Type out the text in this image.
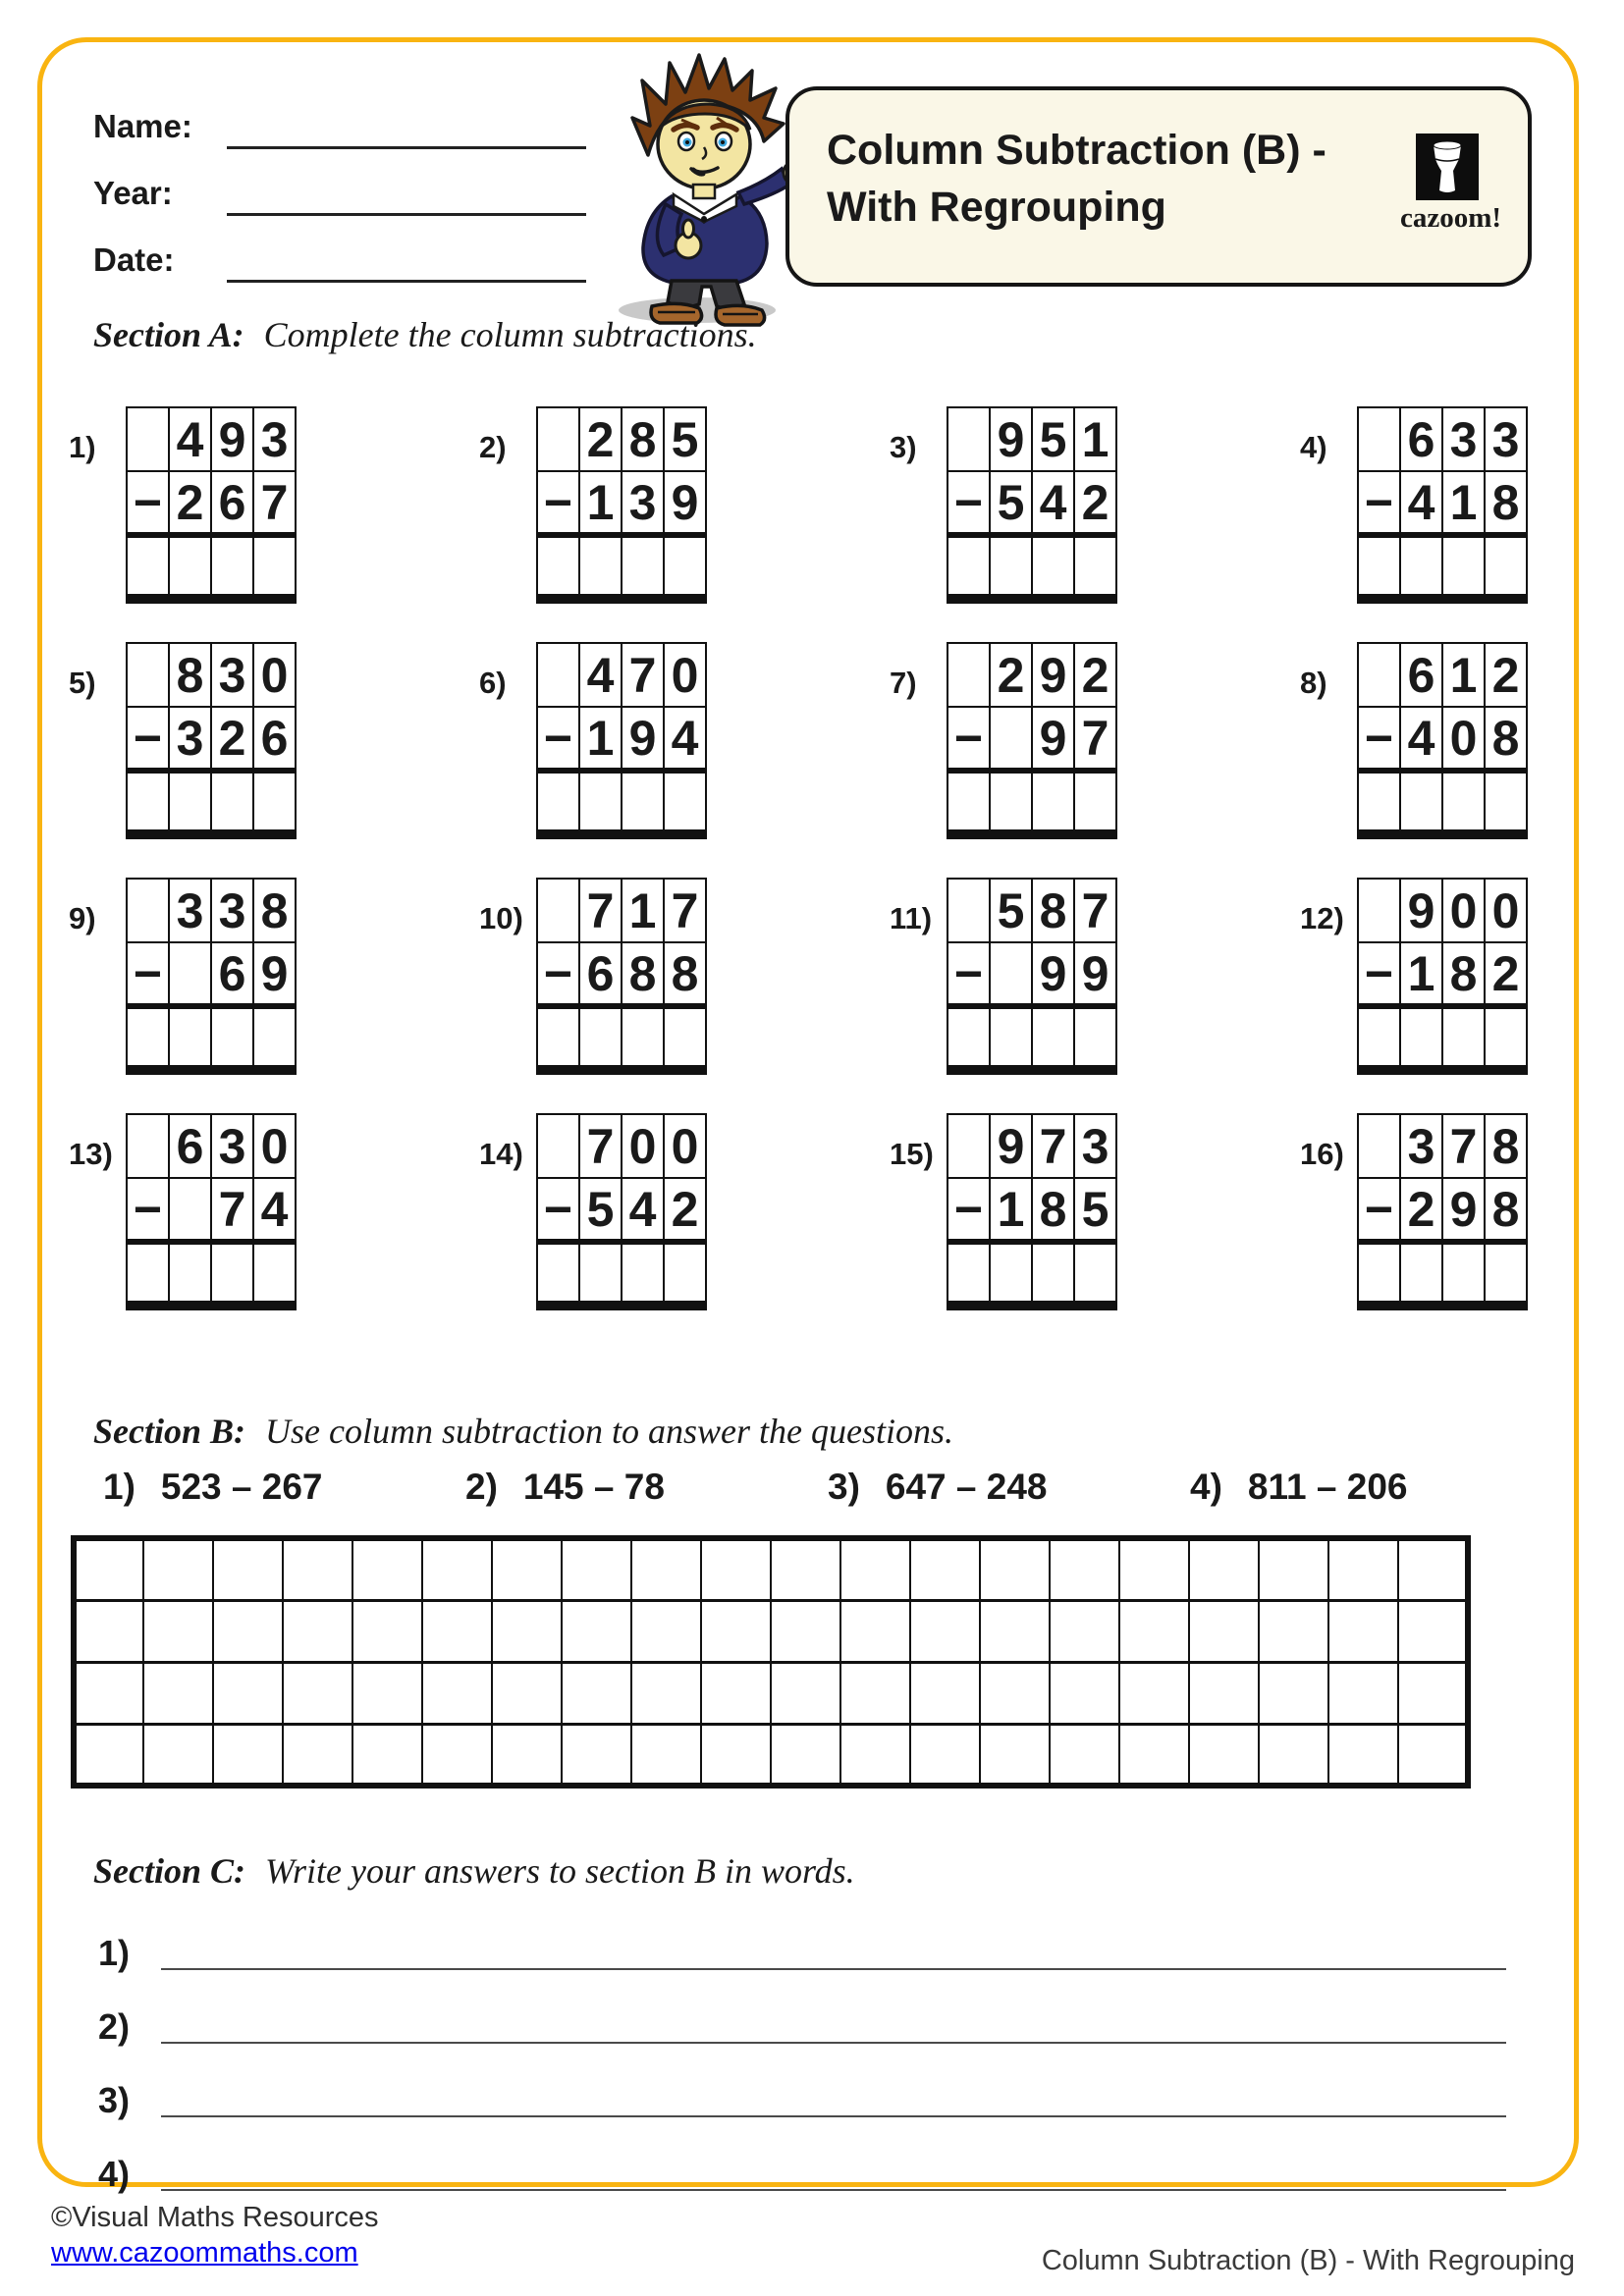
Name:
Year:
Date:
Column Subtraction (B) -
With Regrouping	cazoom!
Section A: Complete the column subtractions.
1)
		4	9	3
−	2	6	7

2)
		2	8	5
−	1	3	9

3)
		9	5	1
−	5	4	2

4)
		6	3	3
−	4	1	8

5)
		8	3	0
−	3	2	6

6)
		4	7	0
−	1	9	4

7)
		2	9	2
−		9	7

8)
		6	1	2
−	4	0	8

9)
		3	3	8
−		6	9

10)
	7	1	7
−	6	8	8

11)
	5	8	7
−		9	9

12)
	9	0	0
−	1	8	2

13)
	6	3	0
−		7	4

14)
	7	0	0
−	5	4	2

15)
	9	7	3
−	1	8	5

16)
	3	7	8
−	2	9	8

Section B: Use column subtraction to answer the questions.
1) 523 – 267	2) 145 – 78	3) 647 – 248	4) 811 – 206

Section C: Write your answers to section B in words.
1)
2)
3)
4)
©Visual Maths Resources
www.cazoommaths.com	Column Subtraction (B) - With Regrouping
